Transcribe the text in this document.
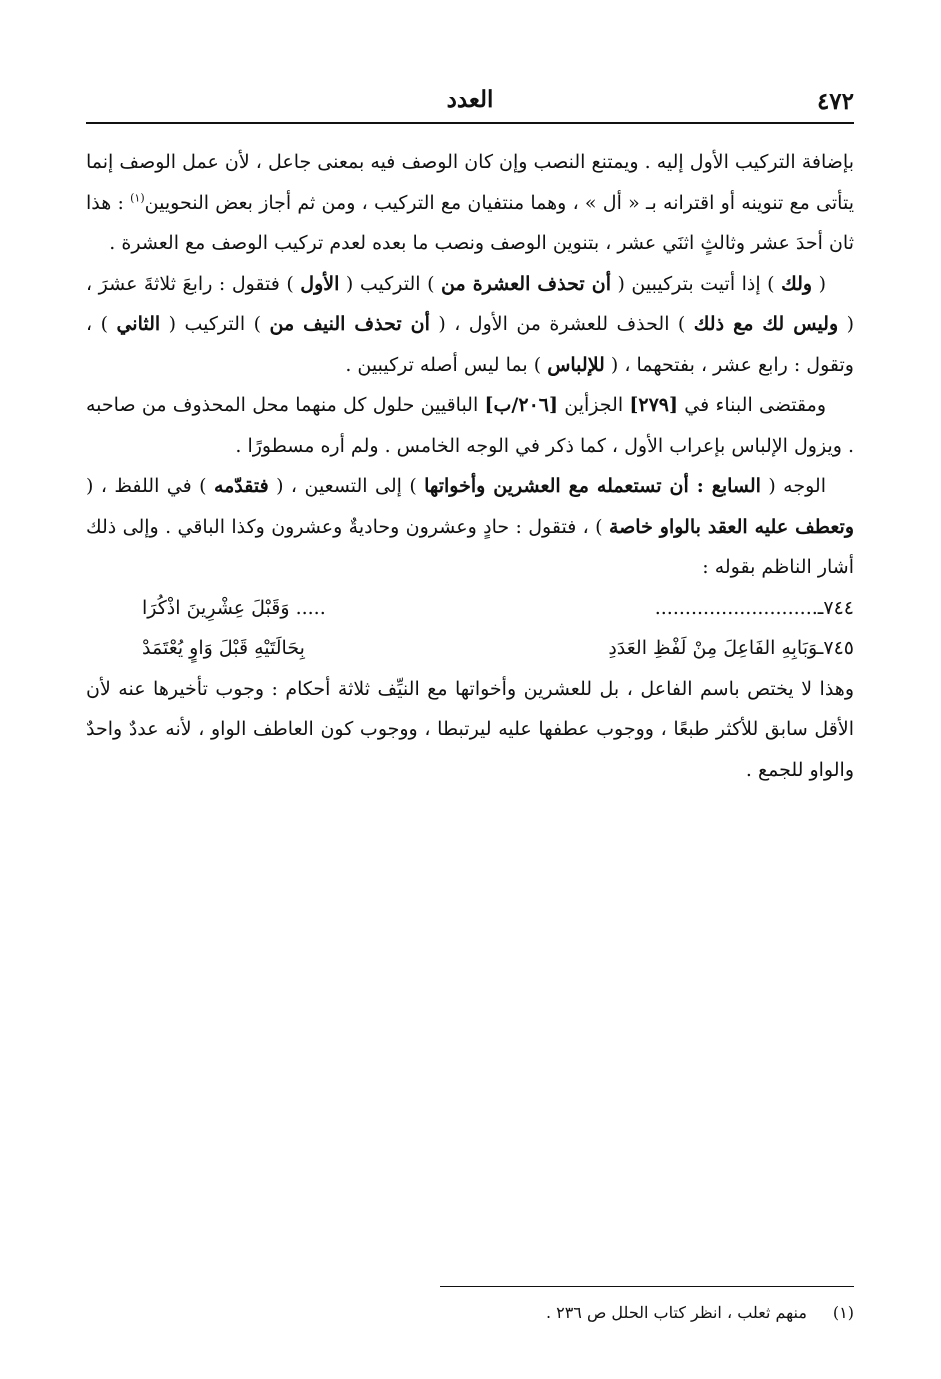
٤٧٢
العدد

بإضافة التركيب الأول إليه . ويمتنع النصب وإن كان الوصف فيه بمعنى جاعل ، لأن عمل الوصف إنما يتأتى مع تنوينه أو اقترانه بـ « أل » ، وهما منتفيان مع التركيب ، ومن ثم أجاز بعض النحويين$^{(١)}$ : هذا ثان أحدَ عشر وثالثٍ اثنَي عشر ، بتنوين الوصف ونصب ما بعده لعدم تركيب الوصف مع العشرة .

( ولك ) إذا أتيت بتركيبين ( أن تحذف العشرة من ) التركيب ( الأول ) فتقول : رابعَ ثلاثةَ عشرَ ، ( وليس لك مع ذلك ) الحذف للعشرة من الأول ، ( أن تحذف النيف من ) التركيب ( الثاني ) ، وتقول : رابع عشر ، بفتحهما ، ( للإلباس ) بما ليس أصله تركيبين .

ومقتضى البناء في [٢٧٩] الجزأين [٢٠٦/ب] الباقيين حلول كل منهما محل المحذوف من صاحبه . ويزول الإلباس بإعراب الأول ، كما ذكر في الوجه الخامس . ولم أره مسطورًا .

الوجه ( السابع : أن تستعمله مع العشرين وأخواتها ) إلى التسعين ، ( فتقدّمه ) في اللفظ ، ( وتعطف عليه العقد بالواو خاصة ) ، فتقول : حادٍ وعشرون وحاديةٌ وعشرون وكذا الباقي . وإلى ذلك أشار الناظم بقوله :

٧٤٤ـ...........................
..... وَقَبْلَ عِشْرِينَ اذْكُرَا
٧٤٥ـوَبَابِهِ الفَاعِلَ مِنْ لَفْظِ العَدَدِ
بِحَالَتَيْهِ قَبْلَ وَاوٍ يُعْتَمَدْ

وهذا لا يختص باسم الفاعل ، بل للعشرين وأخواتها مع النيِّف ثلاثة أحكام : وجوب تأخيرها عنه لأن الأقل سابق للأكثر طبعًا ، ووجوب عطفها عليه ليرتبطا ، ووجوب كون العاطف الواو ، لأنه عددٌ واحدٌ والواو للجمع .

(١)منهم ثعلب ، انظر كتاب الحلل ص ٢٣٦ .
